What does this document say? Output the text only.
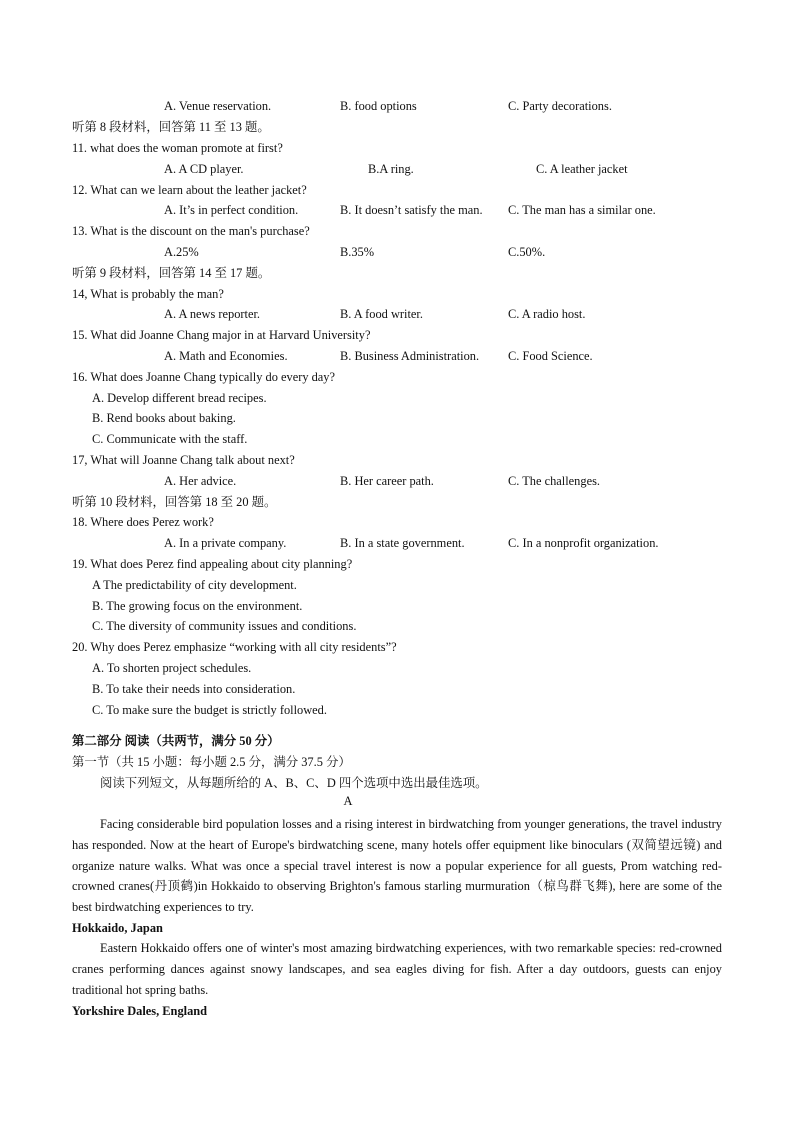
A. Venue reservation.	B. food options	C. Party decorations.
听第 8 段材料，回答第 11 至 13 题。
11. what does the woman promote at first?
A. A CD player.	B.A ring.	C. A leather jacket
12. What can we learn about the leather jacket?
A. It’s in perfect condition.	B. It doesn’t satisfy the man. C. The man has a similar one.
13. What is the discount on the man's purchase?
A.25%	B.35%	C.50%.
听第 9 段材料，回答第 14 至 17 题。
14, What is probably the man?
A. A news reporter.	B. A food writer.	C. A radio host.
15. What did Joanne Chang major in at Harvard University?
A. Math and Economies.	B. Business Administration. C. Food Science.
16. What does Joanne Chang typically do every day?
A. Develop different bread recipes.
B. Rend books about baking.
C. Communicate with the staff.
17, What will Joanne Chang talk about next?
A. Her advice.	B. Her career path.	C. The challenges.
听第 10 段材料，回答第 18 至 20 题。
18. Where does Perez work?
A. In a private company.	B. In a state government.	C. In a nonprofit organization.
19. What does Perez find appealing about city planning?
A The predictability of city development.
B. The growing focus on the environment.
C. The diversity of community issues and conditions.
20. Why does Perez emphasize “working with all city residents”?
A. To shorten project schedules.
B. To take their needs into consideration.
C. To make sure the budget is strictly followed.
第二部分 阅读（共两节，满分 50 分）
第一节（共 15 小题：每小题 2.5 分，满分 37.5 分）
阅读下列短文，从每题所给的 A、B、C、D 四个选项中选出最佳选项。
A
Facing considerable bird population losses and a rising interest in birdwatching from younger generations, the travel industry has responded. Now at the heart of Europe's birdwatching scene, many hotels offer equipment like binoculars (双简望远镜) and organize nature walks. What was once a special travel interest is now a popular experience for all guests, Prom watching red-crowned cranes(丹顶鹤)in Hokkaido to observing Brighton's famous starling murmuration（椋鸟群飞舞), here are some of the best birdwatching experiences to try.
Hokkaido, Japan
Eastern Hokkaido offers one of winter's most amazing birdwatching experiences, with two remarkable species: red-crowned cranes performing dances against snowy landscapes, and sea eagles diving for fish. After a day outdoors, guests can enjoy traditional hot spring baths.
Yorkshire Dales, England
